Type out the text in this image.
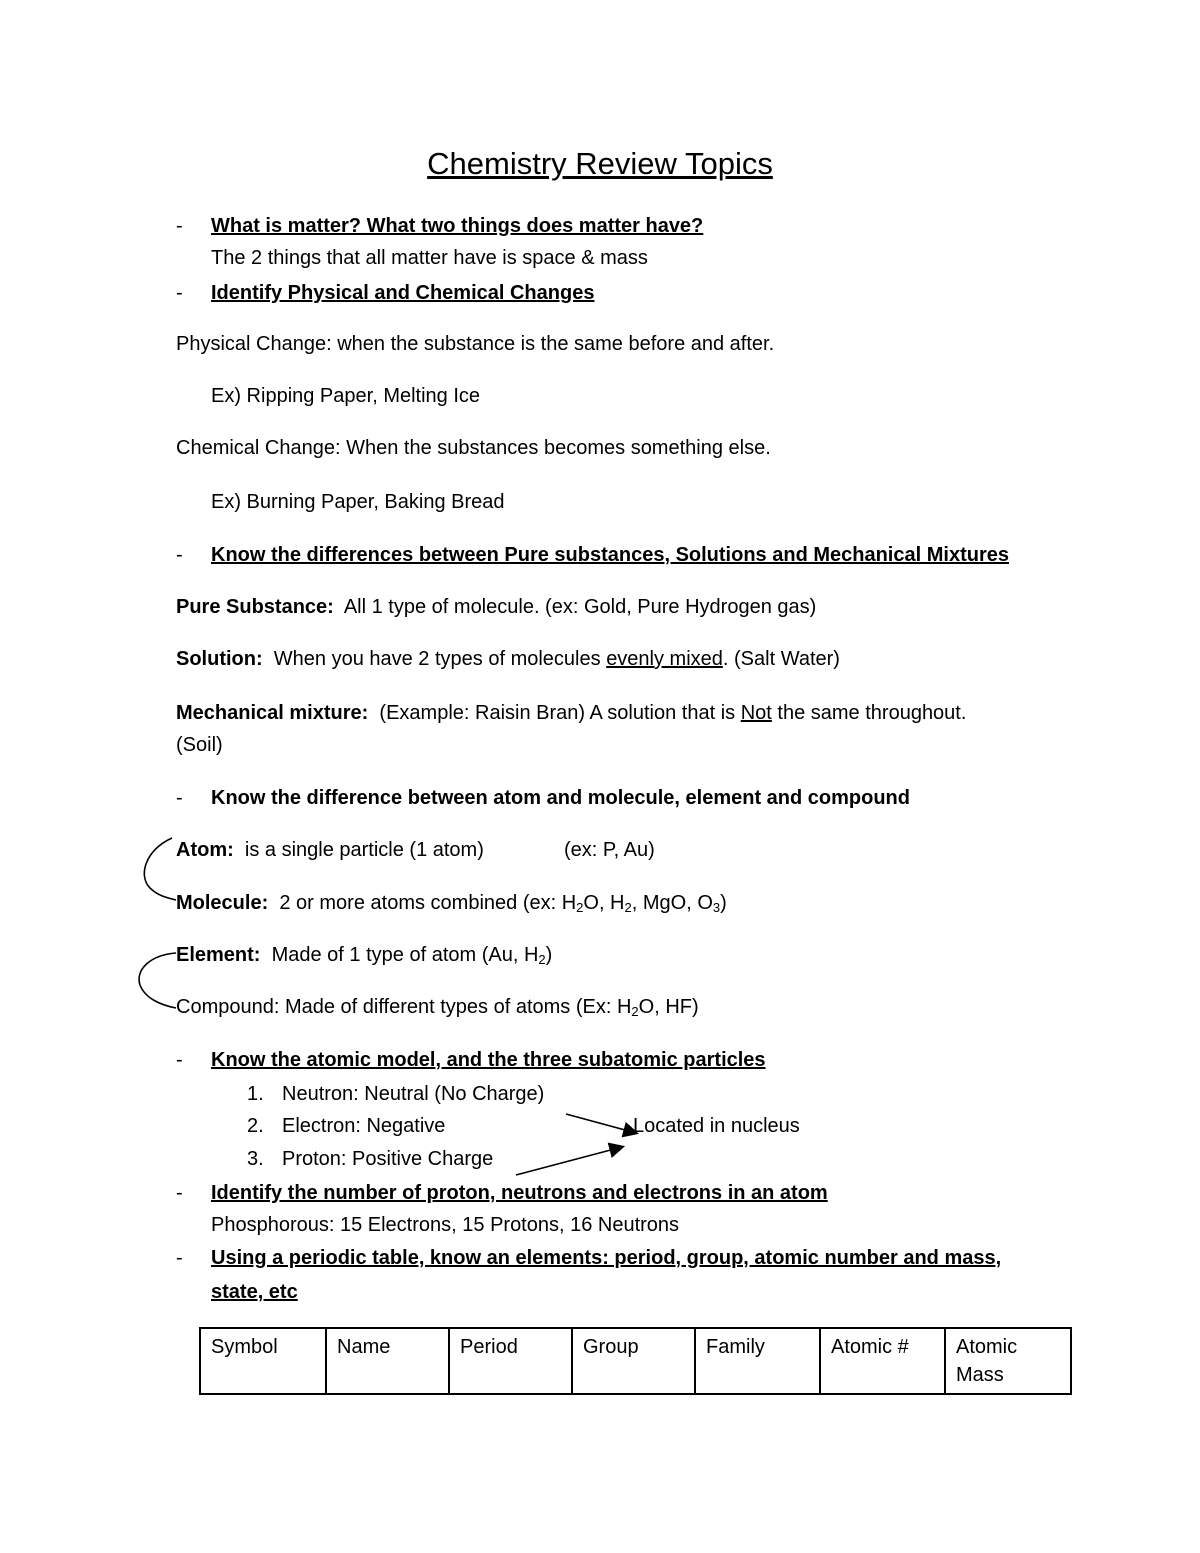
Chemistry Review Topics
- What is matter? What two things does matter have?
The 2 things that all matter have is space & mass
- Identify Physical and Chemical Changes
Physical Change: when the substance is the same before and after.
Ex) Ripping Paper, Melting Ice
Chemical Change: When the substances becomes something else.
Ex) Burning Paper, Baking Bread
- Know the differences between Pure substances, Solutions and Mechanical Mixtures
Pure Substance: All 1 type of molecule. (ex: Gold, Pure Hydrogen gas)
Solution: When you have 2 types of molecules evenly mixed. (Salt Water)
Mechanical mixture: (Example: Raisin Bran) A solution that is Not the same throughout.
(Soil)
- Know the difference between atom and molecule, element and compound
Atom: is a single particle (1 atom)	(ex: P, Au)
Molecule: 2 or more atoms combined (ex: $H_2O$, $H_2$, MgO, $O_3$)
Element: Made of 1 type of atom (Au, $H_2$)
Compound: Made of different types of atoms (Ex: $H_2O$, HF)
- Know the atomic model, and the three subatomic particles
1. Neutron: Neutral (No Charge)
2. Electron: Negative
3. Proton: Positive Charge
Located in nucleus
- Identify the number of proton, neutrons and electrons in an atom
Phosphorous: 15 Electrons, 15 Protons, 16 Neutrons
- Using a periodic table, know an elements: period, group, atomic number and mass,
state, etc
Symbol	Name	Period	Group	Family	Atomic #	Atomic Mass
